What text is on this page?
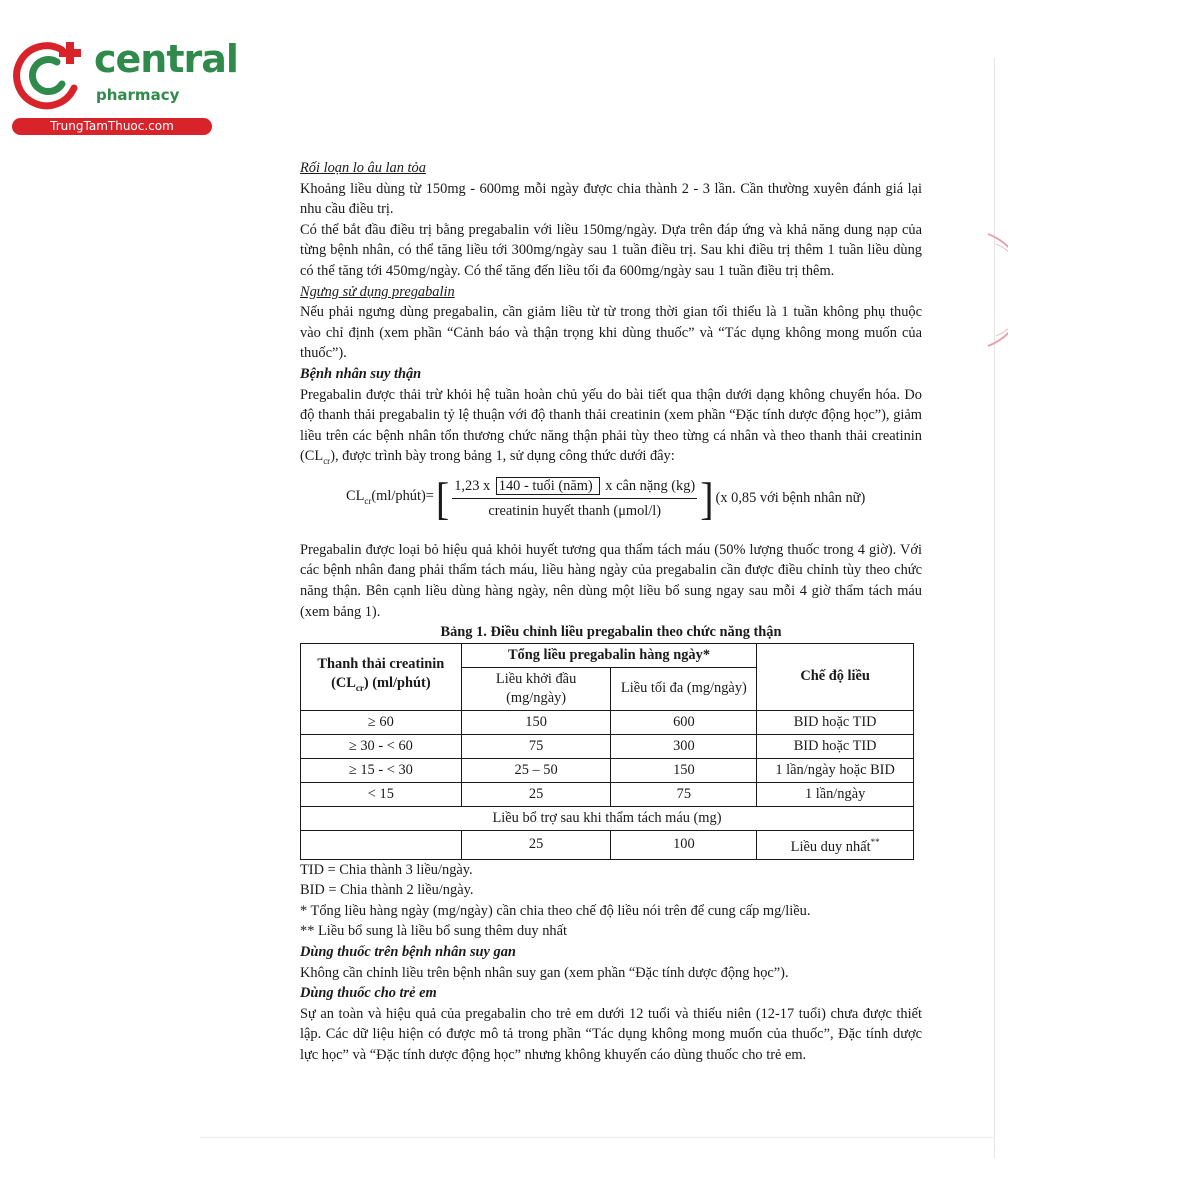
central
pharmacy
TrungTamThuoc.com

Rối loạn lo âu lan tỏa

Khoảng liều dùng từ 150mg - 600mg mỗi ngày được chia thành 2 - 3 lần. Cần thường xuyên đánh giá lại nhu cầu điều trị.

Có thể bắt đầu điều trị bằng pregabalin với liều 150mg/ngày. Dựa trên đáp ứng và khả năng dung nạp của từng bệnh nhân, có thể tăng liều tới 300mg/ngày sau 1 tuần điều trị. Sau khi điều trị thêm 1 tuần liều dùng có thể tăng tới 450mg/ngày. Có thể tăng đến liều tối đa 600mg/ngày sau 1 tuần điều trị thêm.

Ngưng sử dụng pregabalin

Nếu phải ngưng dùng pregabalin, cần giảm liều từ từ trong thời gian tối thiểu là 1 tuần không phụ thuộc vào chỉ định (xem phần “Cảnh báo và thận trọng khi dùng thuốc” và “Tác dụng không mong muốn của thuốc”).

Bệnh nhân suy thận

Pregabalin được thải trừ khỏi hệ tuần hoàn chủ yếu do bài tiết qua thận dưới dạng không chuyển hóa. Do độ thanh thải pregabalin tỷ lệ thuận với độ thanh thải creatinin (xem phần “Đặc tính dược động học”), giảm liều trên các bệnh nhân tổn thương chức năng thận phải tùy theo từng cá nhân và theo thanh thải creatinin $(CL_{cr})$, được trình bày trong bảng 1, sử dụng công thức dưới đây:

$CL_{cr}(ml/phút)=$ [ $\frac{\text{1,23 x 140 - tuổi (năm) x cân nặng (kg)}}{\text{creatinin huyết thanh (μmol/l)}}$ ] (x 0,85 với bệnh nhân nữ)

Pregabalin được loại bỏ hiệu quả khỏi huyết tương qua thẩm tách máu (50% lượng thuốc trong 4 giờ). Với các bệnh nhân đang phải thẩm tách máu, liều hàng ngày của pregabalin cần được điều chỉnh tùy theo chức năng thận. Bên cạnh liều dùng hàng ngày, nên dùng một liều bổ sung ngay sau mỗi 4 giờ thẩm tách máu (xem bảng 1).

Bảng 1. Điều chỉnh liều pregabalin theo chức năng thận

Thanh thải creatinin
$(CL_{cr})$ (ml/phút)	Tổng liều pregabalin hàng ngày*		Chế độ liều
	Liều khởi đầu (mg/ngày)	Liều tối đa (mg/ngày)	
≥ 60	150	600	BID hoặc TID
≥ 30 - < 60	75	300	BID hoặc TID
≥ 15 - < 30	25 – 50	150	1 lần/ngày hoặc BID
< 15	25	75	1 lần/ngày
Liều bổ trợ sau khi thẩm tách máu (mg)			
	25	100	Liều duy nhất**

TID = Chia thành 3 liều/ngày.

BID = Chia thành 2 liều/ngày.

* Tổng liều hàng ngày (mg/ngày) cần chia theo chế độ liều nói trên để cung cấp mg/liều.

** Liều bổ sung là liều bổ sung thêm duy nhất

Dùng thuốc trên bệnh nhân suy gan

Không cần chỉnh liều trên bệnh nhân suy gan (xem phần “Đặc tính dược động học”).

Dùng thuốc cho trẻ em

Sự an toàn và hiệu quả của pregabalin cho trẻ em dưới 12 tuổi và thiếu niên (12-17 tuổi) chưa được thiết lập. Các dữ liệu hiện có được mô tả trong phần “Tác dụng không mong muốn của thuốc”, Đặc tính dược lực học” và “Đặc tính dược động học” nhưng không khuyến cáo dùng thuốc cho trẻ em.
